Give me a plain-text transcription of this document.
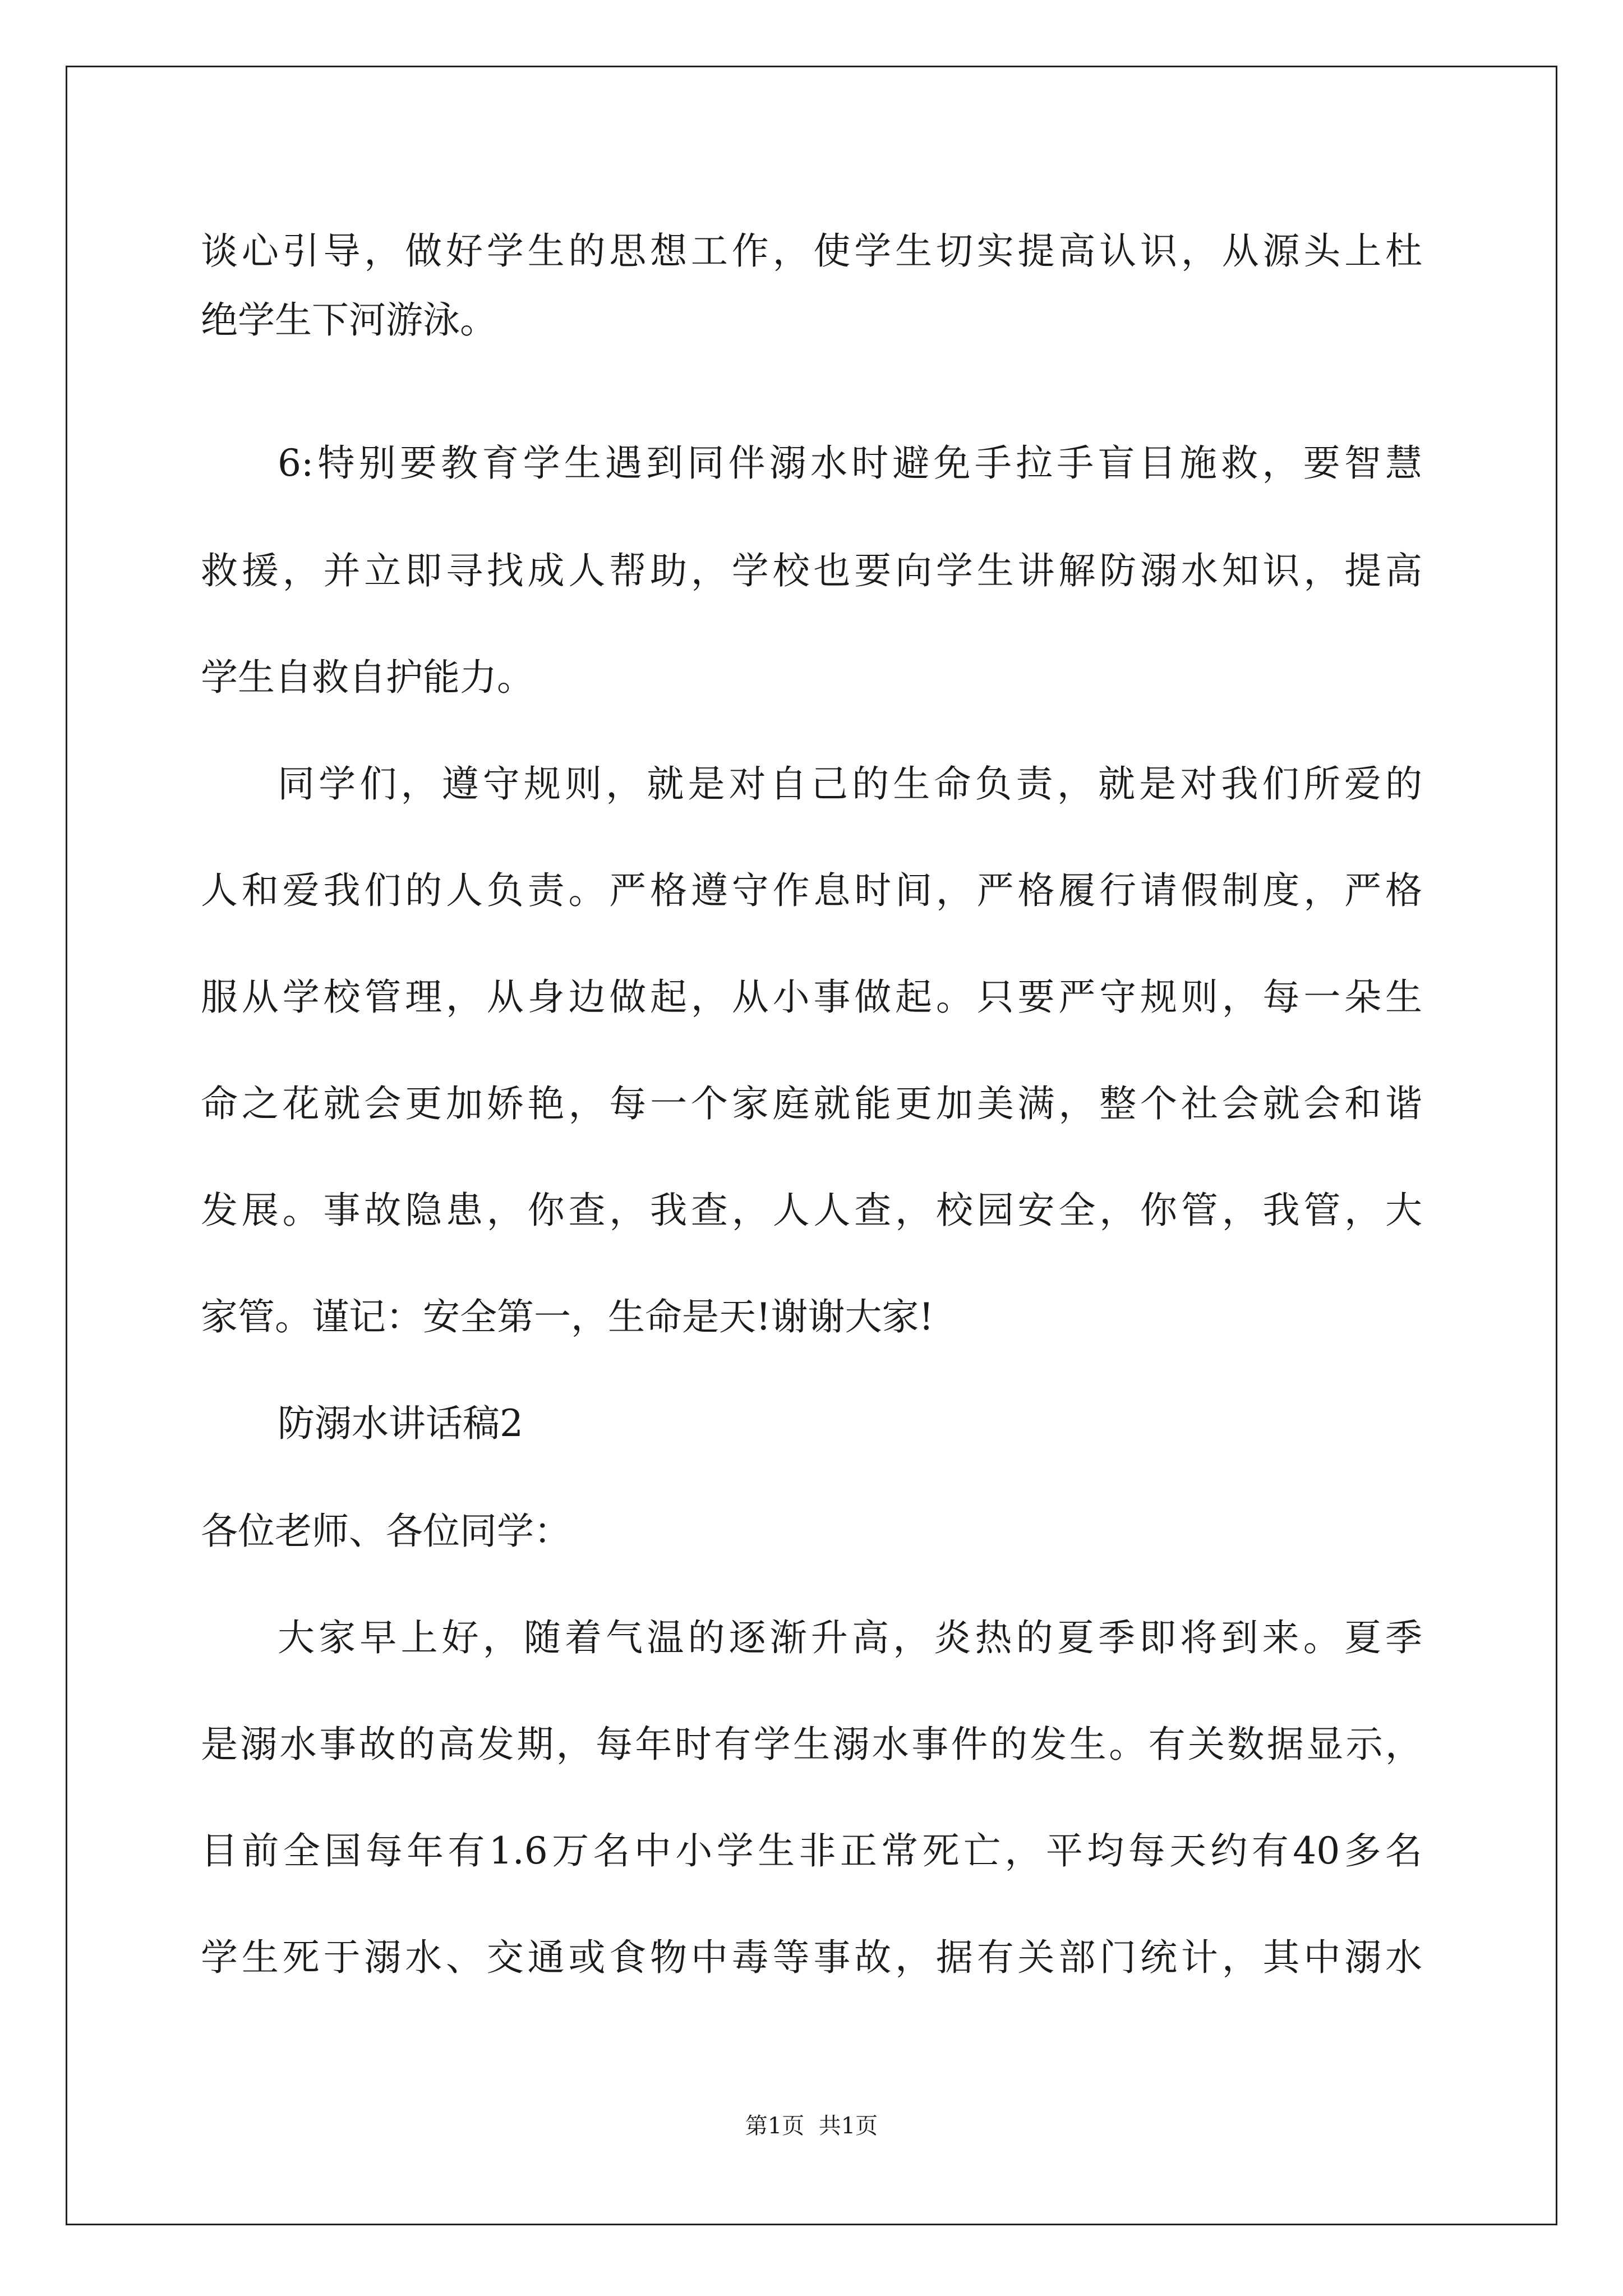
谈心引导，做好学生的思想工作，使学生切实提高认识，从源头上杜
绝学生下河游泳。
6:特别要教育学生遇到同伴溺水时避免手拉手盲目施救，要智慧
救援，并立即寻找成人帮助，学校也要向学生讲解防溺水知识，提高
学生自救自护能力。
同学们，遵守规则，就是对自己的生命负责，就是对我们所爱的
人和爱我们的人负责。严格遵守作息时间，严格履行请假制度，严格
服从学校管理，从身边做起，从小事做起。只要严守规则，每一朵生
命之花就会更加娇艳，每一个家庭就能更加美满，整个社会就会和谐
发展。事故隐患，你查，我查，人人查，校园安全，你管，我管，大
家管。谨记：安全第一，生命是天!谢谢大家!
防溺水讲话稿2
各位老师、各位同学：
大家早上好，随着气温的逐渐升高，炎热的夏季即将到来。夏季
是溺水事故的高发期，每年时有学生溺水事件的发生。有关数据显示，
目前全国每年有1.6万名中小学生非正常死亡，平均每天约有40多名
学生死于溺水、交通或食物中毒等事故，据有关部门统计，其中溺水
第1页  共1页
